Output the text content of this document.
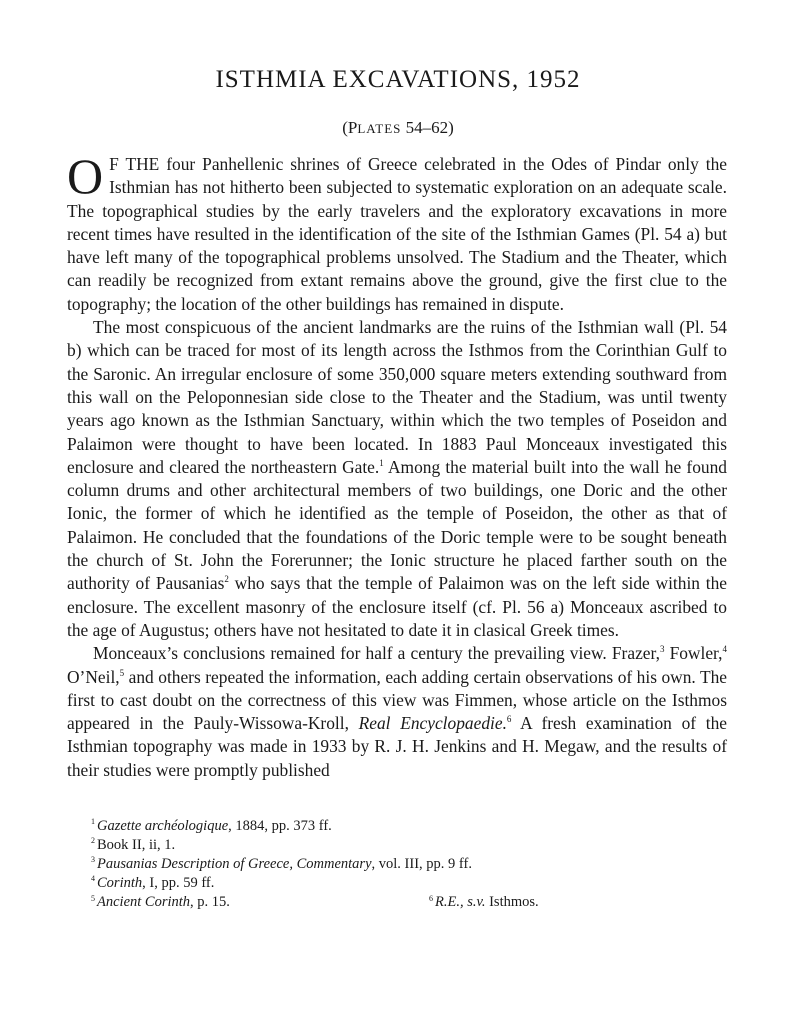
ISTHMIA EXCAVATIONS, 1952
(PLATES 54–62)

O F THE four Panhellenic shrines of Greece celebrated in the Odes of Pindar only the Isthmian has not hitherto been subjected to systematic exploration on an adequate scale. The topographical studies by the early travelers and the exploratory excavations in more recent times have resulted in the identification of the site of the Isthmian Games (Pl. 54 a) but have left many of the topographical problems unsolved. The Stadium and the Theater, which can readily be recognized from extant remains above the ground, give the first clue to the topography; the location of the other buildings has remained in dispute.

The most conspicuous of the ancient landmarks are the ruins of the Isthmian wall (Pl. 54 b) which can be traced for most of its length across the Isthmos from the Corinthian Gulf to the Saronic. An irregular enclosure of some 350,000 square meters extending southward from this wall on the Peloponnesian side close to the Theater and the Stadium, was until twenty years ago known as the Isthmian Sanctuary, within which the two temples of Poseidon and Palaimon were thought to have been located. In 1883 Paul Monceaux investigated this enclosure and cleared the northeastern Gate.$^1$ Among the material built into the wall he found column drums and other architectural members of two buildings, one Doric and the other Ionic, the former of which he identified as the temple of Poseidon, the other as that of Palaimon. He concluded that the foundations of the Doric temple were to be sought beneath the church of St. John the Forerunner; the Ionic structure he placed farther south on the authority of Pausanias$^2$ who says that the temple of Palaimon was on the left side within the enclosure. The excellent masonry of the enclosure itself (cf. Pl. 56 a) Monceaux ascribed to the age of Augustus; others have not hesitated to date it in clasical Greek times.

Monceaux’s conclusions remained for half a century the prevailing view. Frazer,$^3$ Fowler,$^4$ O’Neil,$^5$ and others repeated the information, each adding certain observations of his own. The first to cast doubt on the correctness of this view was Fimmen, whose article on the Isthmos appeared in the Pauly-Wissowa-Kroll, Real Encyclopaedie.$^6$ A fresh examination of the Isthmian topography was made in 1933 by R. J. H. Jenkins and H. Megaw, and the results of their studies were promptly published

$^1$ Gazette archéologique, 1884, pp. 373 ff.
$^2$ Book II, ii, 1.
$^3$ Pausanias Description of Greece, Commentary, vol. III, pp. 9 ff.
$^4$ Corinth, I, pp. 59 ff.
$^5$ Ancient Corinth, p. 15.	$^6$ R.E., s.v. Isthmos.
